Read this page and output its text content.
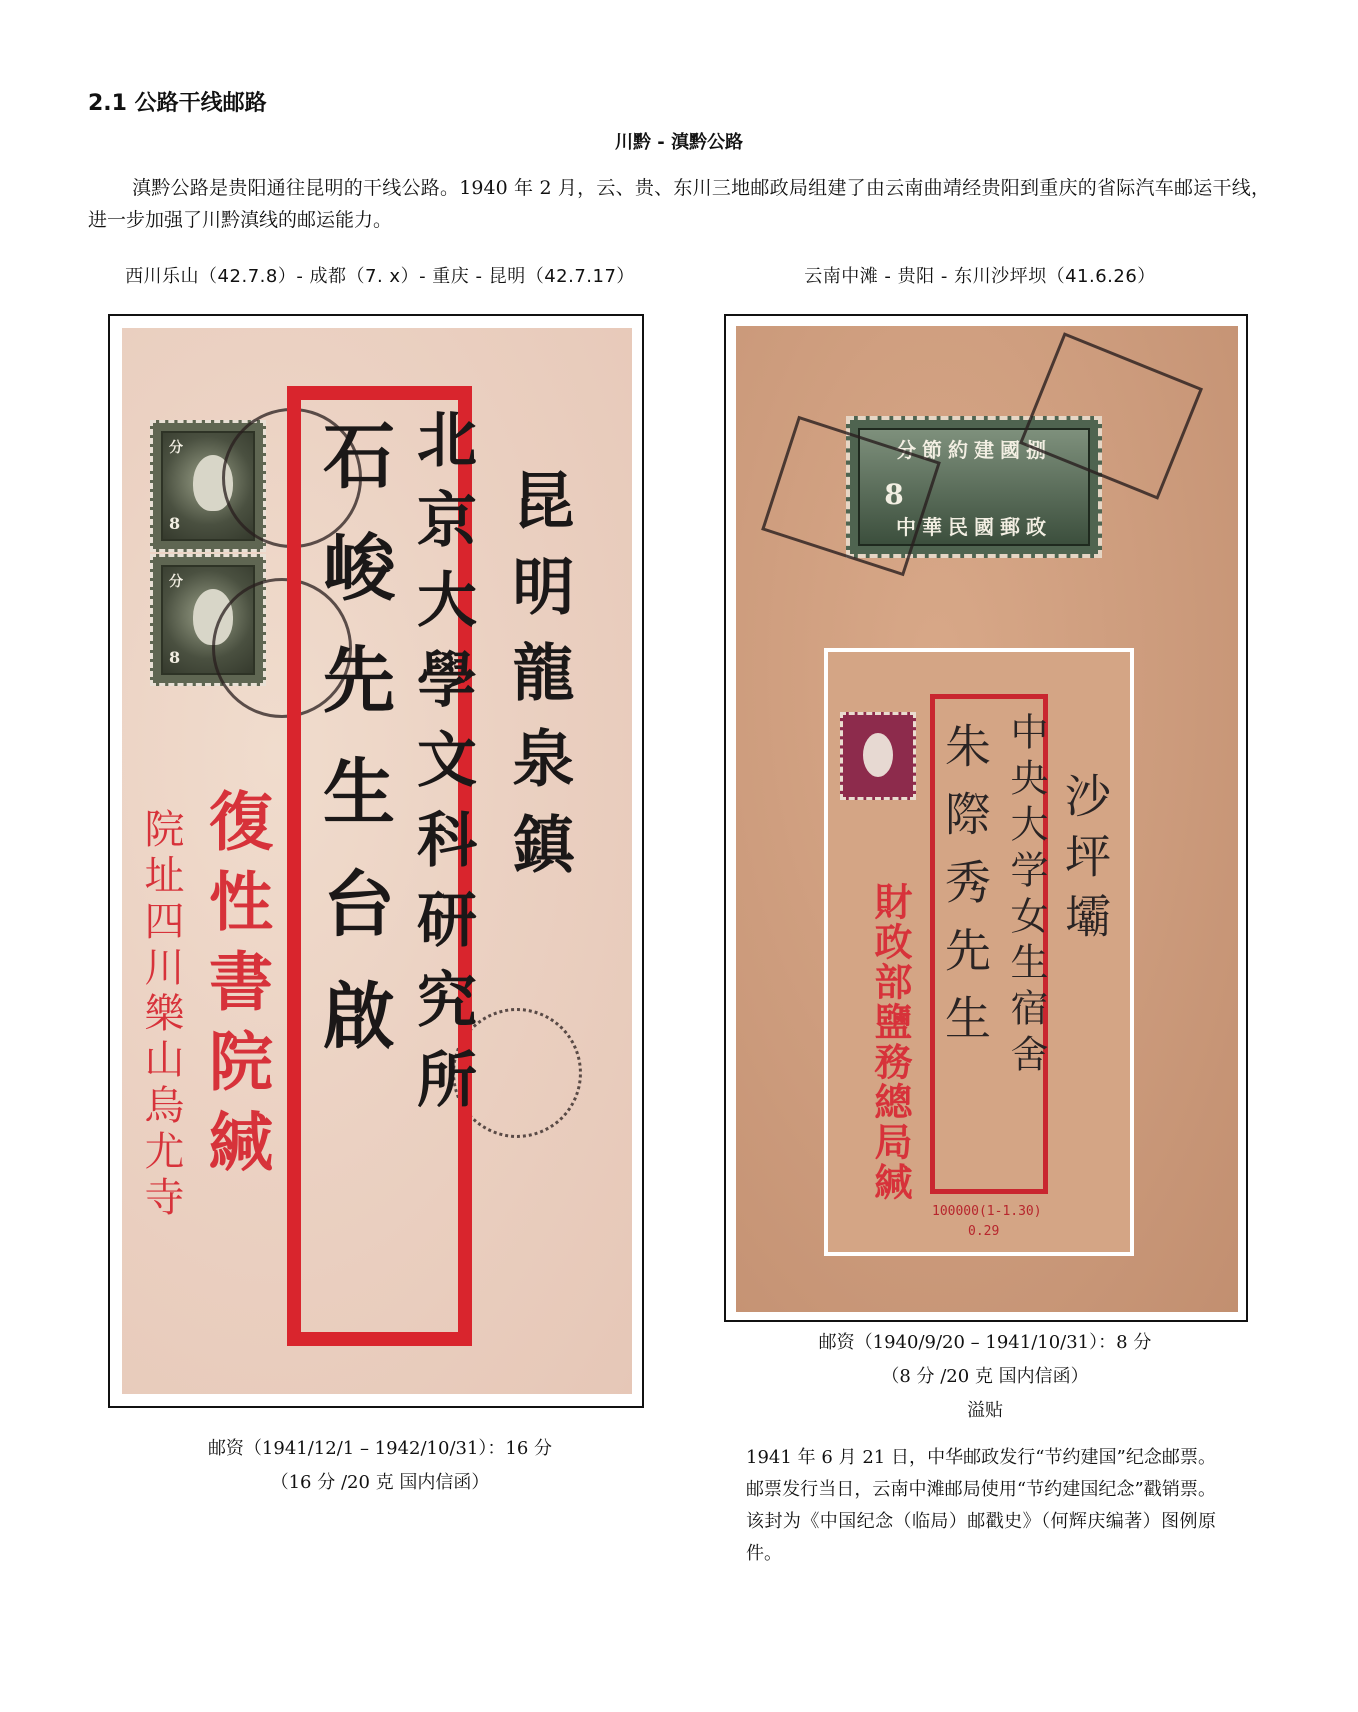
2.1 公路干线邮路
川黔 - 滇黔公路
滇黔公路是贵阳通往昆明的干线公路。1940 年 2 月，云、贵、东川三地邮政局组建了由云南曲靖经贵阳到重庆的省际汽车邮运干线，进一步加强了川黔滇线的邮运能力。
西川乐山（42.7.8）- 成都（7. x）- 重庆 - 昆明（42.7.17）	云南中滩 - 贵阳 - 东川沙坪坝（41.6.26）
8
分
8
分 石峻先生台啟 北京大學文科研究所 昆明龍泉鎮
復性書院緘
院址四川樂山烏尤寺
分節約建國捌
中華民國郵政
8
中央大学女生宿舍
朱際秀先生 沙坪壩
財政部鹽務總局緘
100000(1-1.30)
0.29
邮资（1941/12/1 – 1942/10/31）：16 分
（16 分 /20 克 国内信函）
邮资（1940/9/20 – 1941/10/31）：8 分
（8 分 /20 克 国内信函）
溢贴
1941 年 6 月 21 日，中华邮政发行“节约建国”纪念邮票。邮票发行当日，云南中滩邮局使用“节约建国纪念”戳销票。该封为《中国纪念（临局）邮戳史》（何辉庆编著）图例原件。
